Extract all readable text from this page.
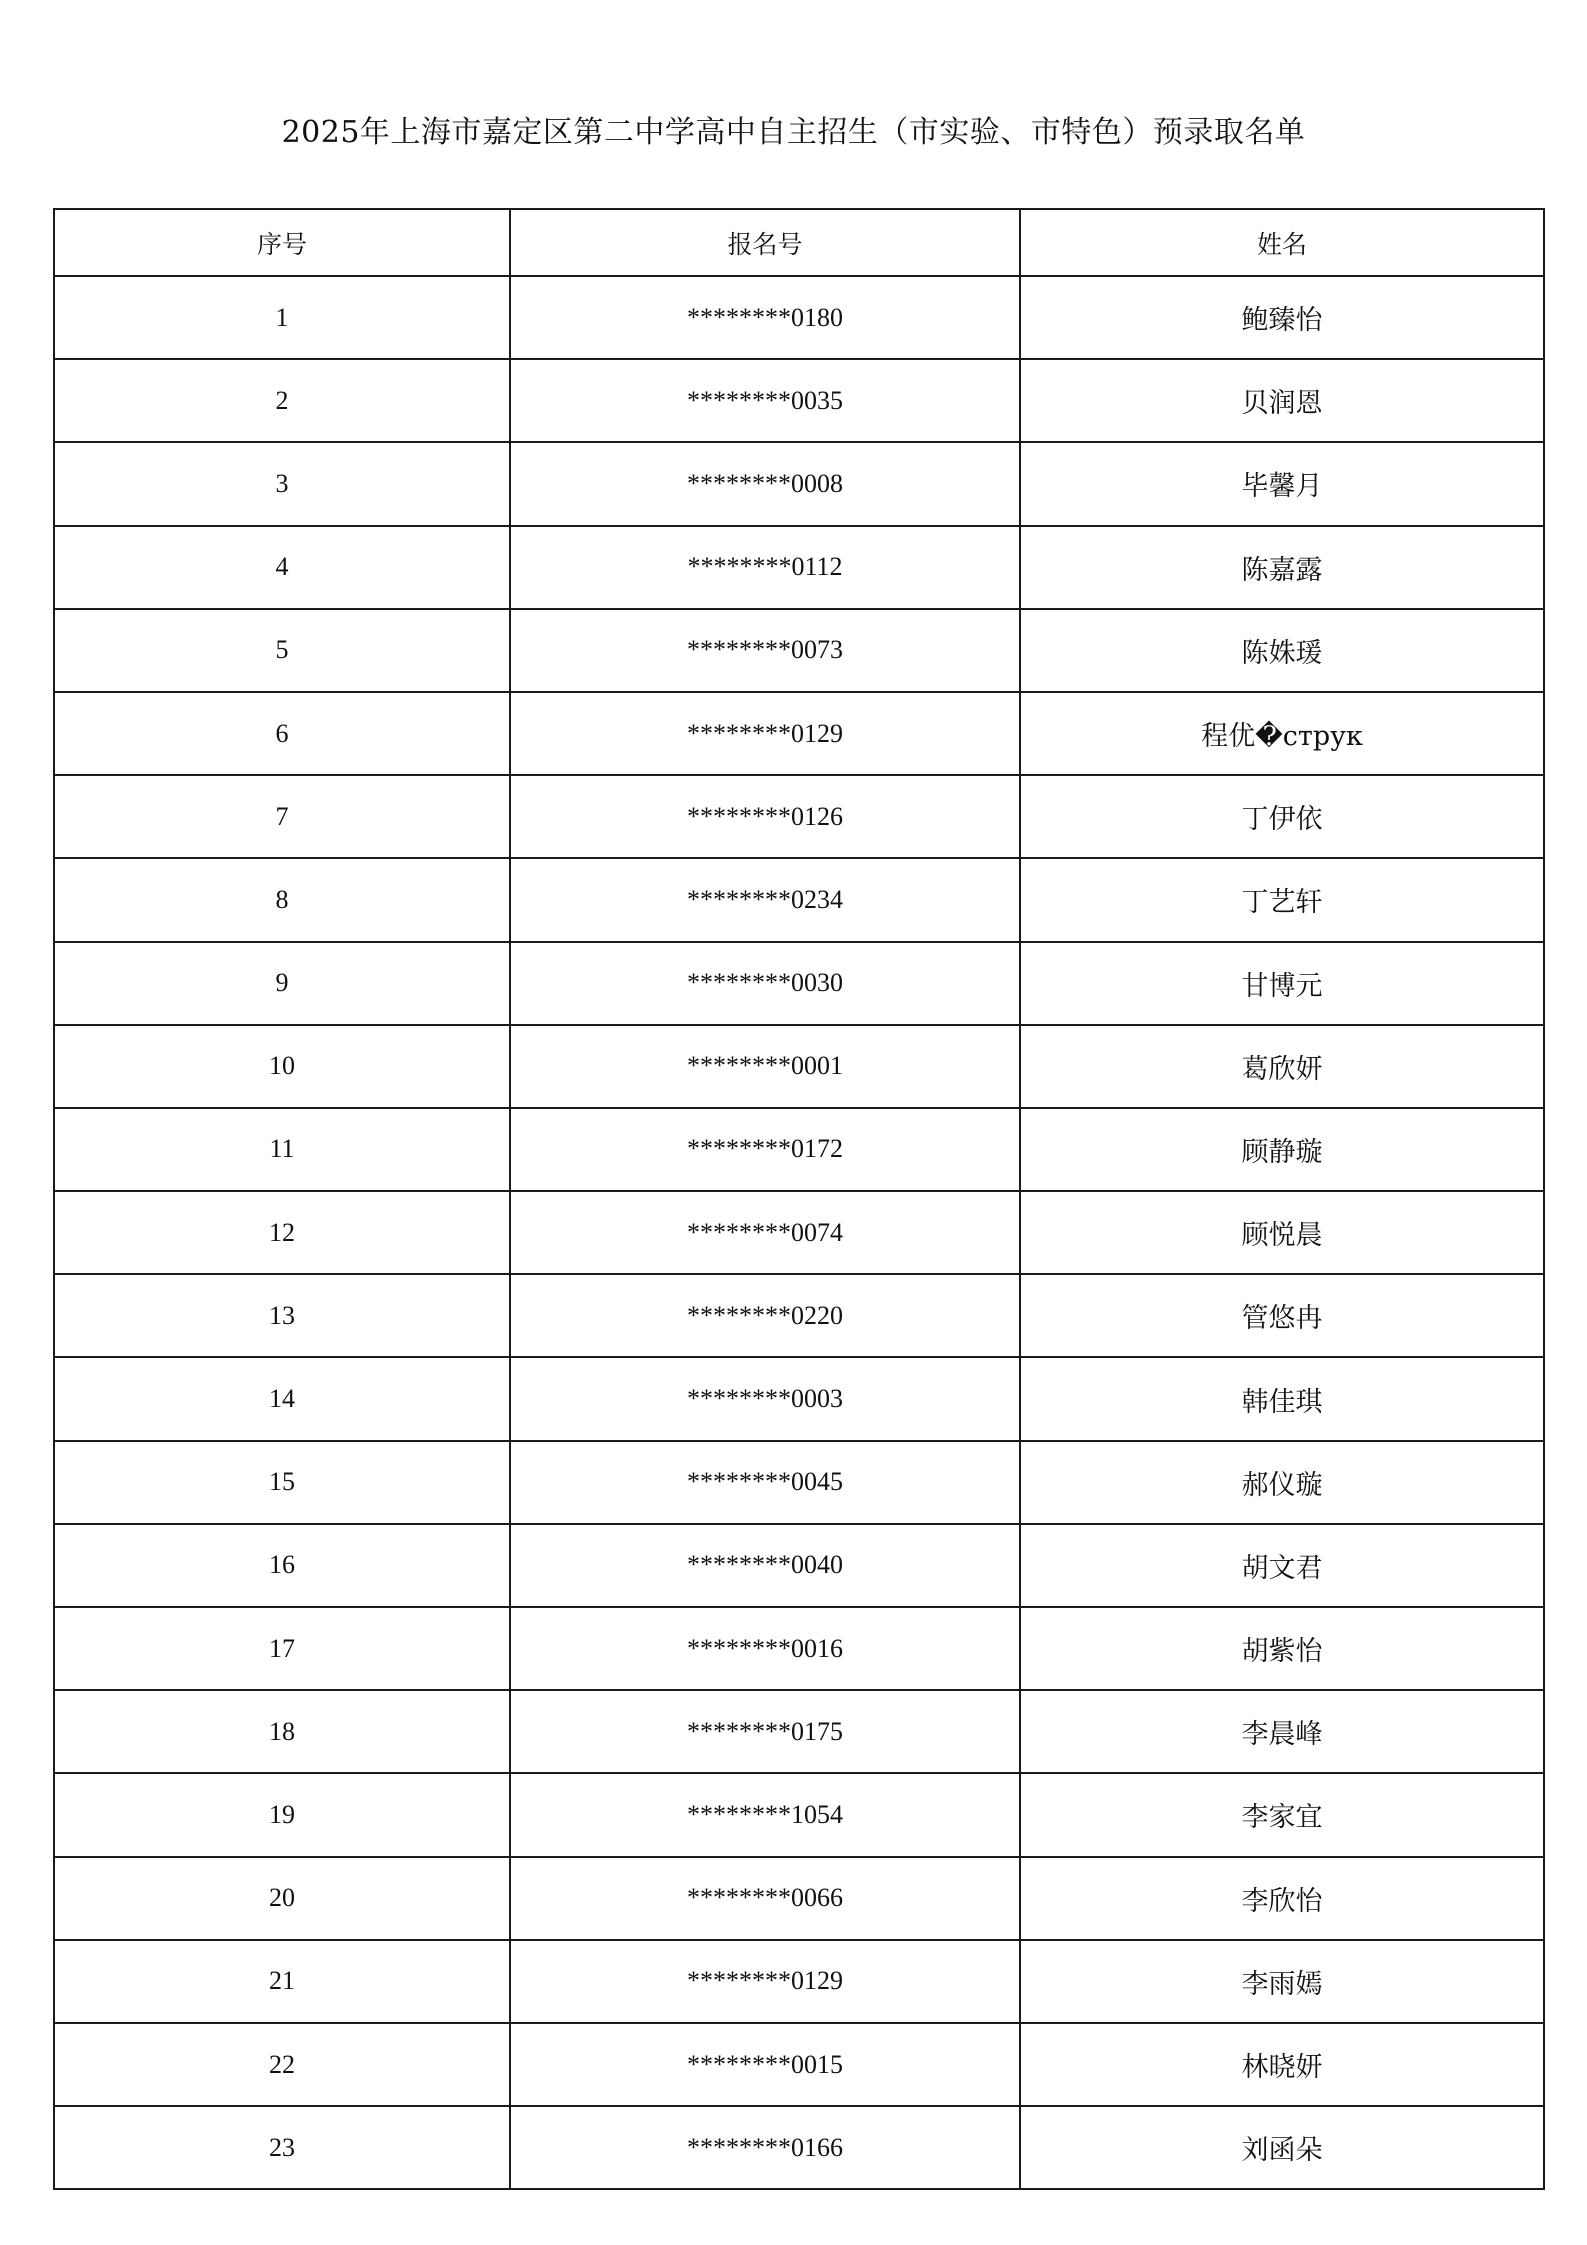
2025年上海市嘉定区第二中学高中自主招生（市实验、市特色）预录取名单
序号	报名号	姓名
1	********0180	鲍臻怡
2	********0035	贝润恩
3	********0008	毕馨月
4	********0112	陈嘉露
5	********0073	陈姝瑗
6	********0129	程优�струк
7	********0126	丁伊依
8	********0234	丁艺轩
9	********0030	甘博元
10	********0001	葛欣妍
11	********0172	顾静璇
12	********0074	顾悦晨
13	********0220	管悠冉
14	********0003	韩佳琪
15	********0045	郝仪璇
16	********0040	胡文君
17	********0016	胡紫怡
18	********0175	李晨峰
19	********1054	李家宜
20	********0066	李欣怡
21	********0129	李雨嫣
22	********0015	林晓妍
23	********0166	刘函朵
